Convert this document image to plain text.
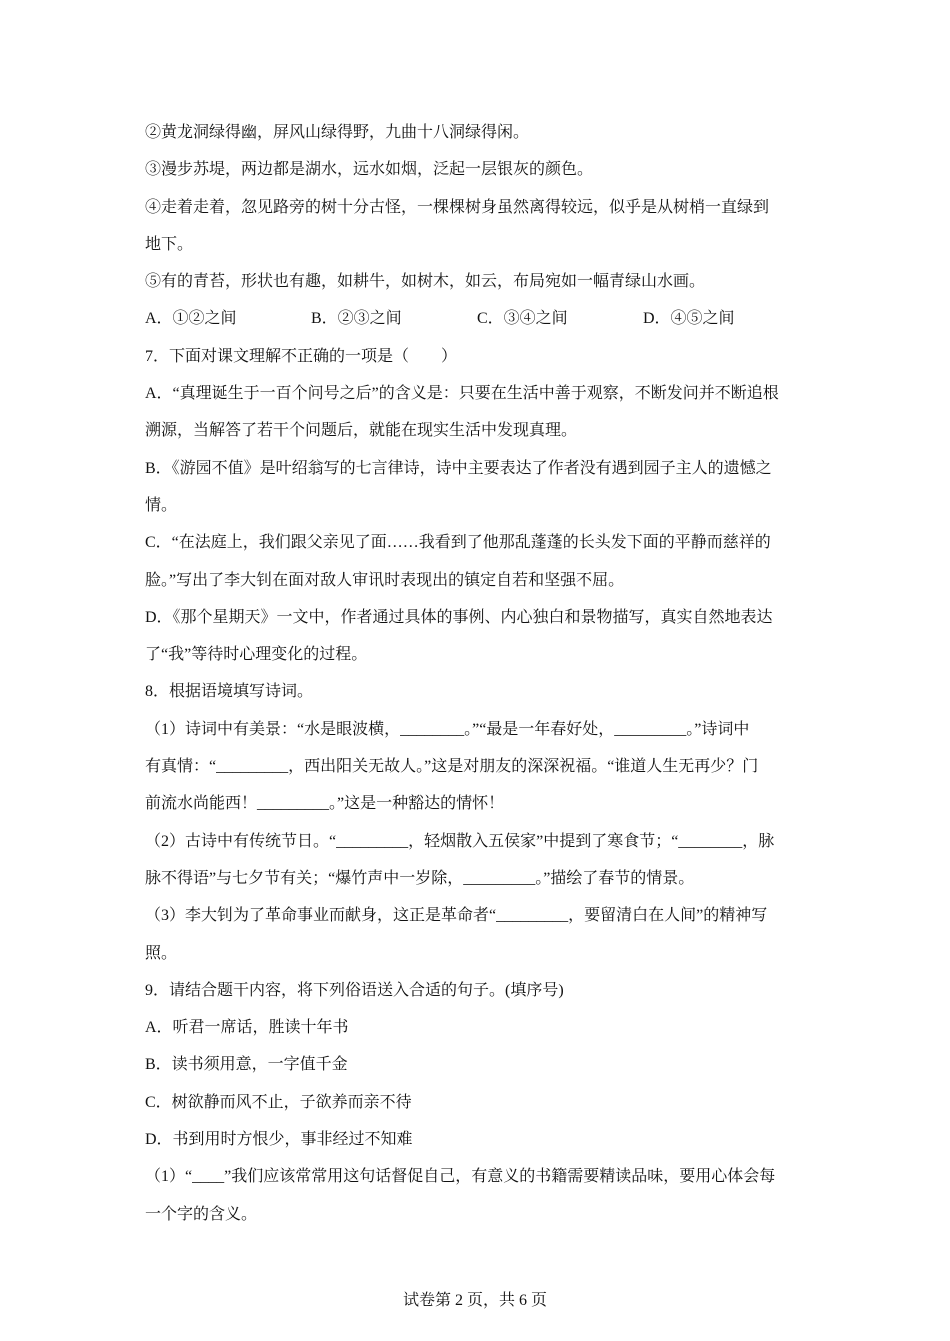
②黄龙洞绿得幽，屏风山绿得野，九曲十八洞绿得闲。
③漫步苏堤，两边都是湖水，远水如烟，泛起一层银灰的颜色。
④走着走着，忽见路旁的树十分古怪，一棵棵树身虽然离得较远，似乎是从树梢一直绿到
地下。
⑤有的青苔，形状也有趣，如耕牛，如树木，如云，布局宛如一幅青绿山水画。
A．①②之间	B．②③之间	C．③④之间	D．④⑤之间
7．下面对课文理解不正确的一项是（　　）
A．“真理诞生于一百个问号之后”的含义是：只要在生活中善于观察，不断发问并不断追根
溯源，当解答了若干个问题后，就能在现实生活中发现真理。
B．《游园不值》是叶绍翁写的七言律诗，诗中主要表达了作者没有遇到园子主人的遗憾之
情。
C．“在法庭上，我们跟父亲见了面……我看到了他那乱蓬蓬的长头发下面的平静而慈祥的
脸。”写出了李大钊在面对敌人审讯时表现出的镇定自若和坚强不屈。
D．《那个星期天》一文中，作者通过具体的事例、内心独白和景物描写，真实自然地表达
了“我”等待时心理变化的过程。
8．根据语境填写诗词。
（1）诗词中有美景：“水是眼波横，________。”“最是一年春好处，_________。”诗词中
有真情：“_________，西出阳关无故人。”这是对朋友的深深祝福。“谁道人生无再少？门
前流水尚能西！_________。”这是一种豁达的情怀！
（2）古诗中有传统节日。“_________，轻烟散入五侯家”中提到了寒食节；“________，脉
脉不得语”与七夕节有关；“爆竹声中一岁除，_________。”描绘了春节的情景。
（3）李大钊为了革命事业而献身，这正是革命者“_________，要留清白在人间”的精神写
照。
9．请结合题干内容，将下列俗语送入合适的句子。(填序号)
A．听君一席话，胜读十年书
B．读书须用意，一字值千金
C．树欲静而风不止，子欲养而亲不待
D．书到用时方恨少，事非经过不知难
（1）“____”我们应该常常用这句话督促自己，有意义的书籍需要精读品味，要用心体会每
一个字的含义。
试卷第 2 页，共 6 页
